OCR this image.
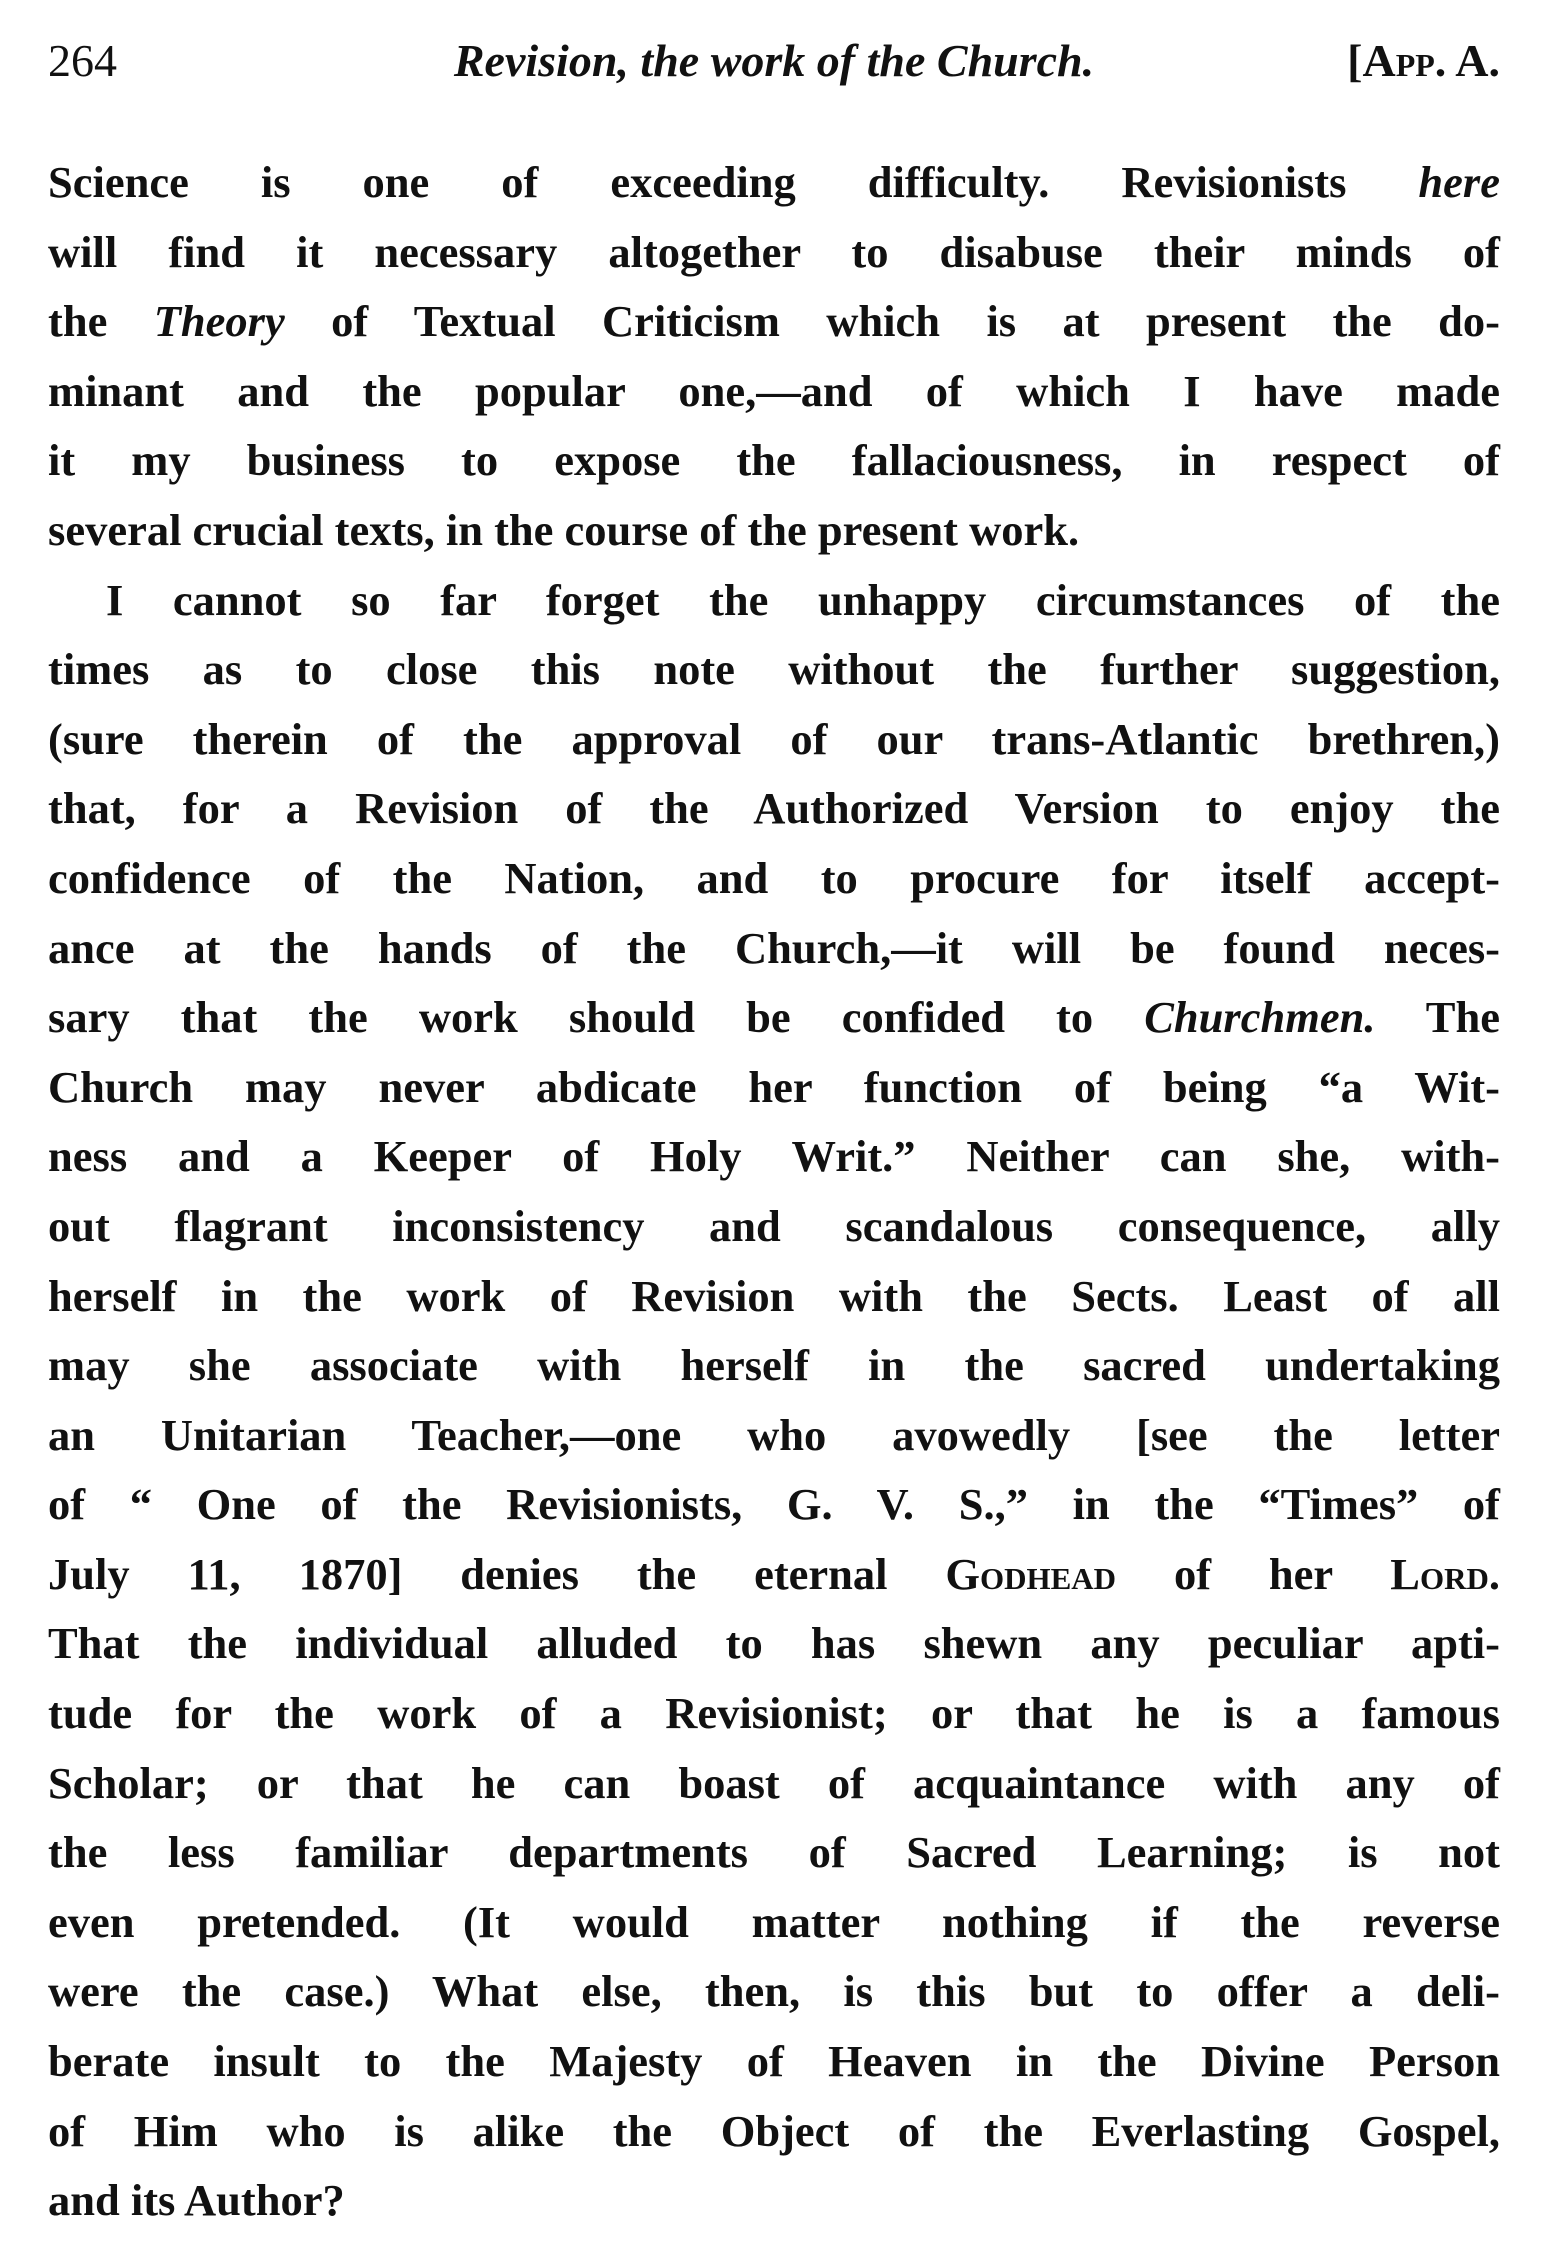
264	Revision, the work of the Church.	[App. A.
Science is one of exceeding difficulty. Revisionists here
will find it necessary altogether to disabuse their minds of
the Theory of Textual Criticism which is at present the do-
minant and the popular one,—and of which I have made
it my business to expose the fallaciousness, in respect of
several crucial texts, in the course of the present work.
I cannot so far forget the unhappy circumstances of the
times as to close this note without the further suggestion,
(sure therein of the approval of our trans-Atlantic brethren,)
that, for a Revision of the Authorized Version to enjoy the
confidence of the Nation, and to procure for itself accept-
ance at the hands of the Church,—it will be found neces-
sary that the work should be confided to Churchmen. The
Church may never abdicate her function of being “a Wit-
ness and a Keeper of Holy Writ.” Neither can she, with-
out flagrant inconsistency and scandalous consequence, ally
herself in the work of Revision with the Sects. Least of all
may she associate with herself in the sacred undertaking
an Unitarian Teacher,—one who avowedly [see the letter
of “ One of the Revisionists, G. V. S.,” in the “Times” of
July 11, 1870] denies the eternal Godhead of her Lord.
That the individual alluded to has shewn any peculiar apti-
tude for the work of a Revisionist; or that he is a famous
Scholar; or that he can boast of acquaintance with any of
the less familiar departments of Sacred Learning; is not
even pretended. (It would matter nothing if the reverse
were the case.) What else, then, is this but to offer a deli-
berate insult to the Majesty of Heaven in the Divine Person
of Him who is alike the Object of the Everlasting Gospel,
and its Author?
